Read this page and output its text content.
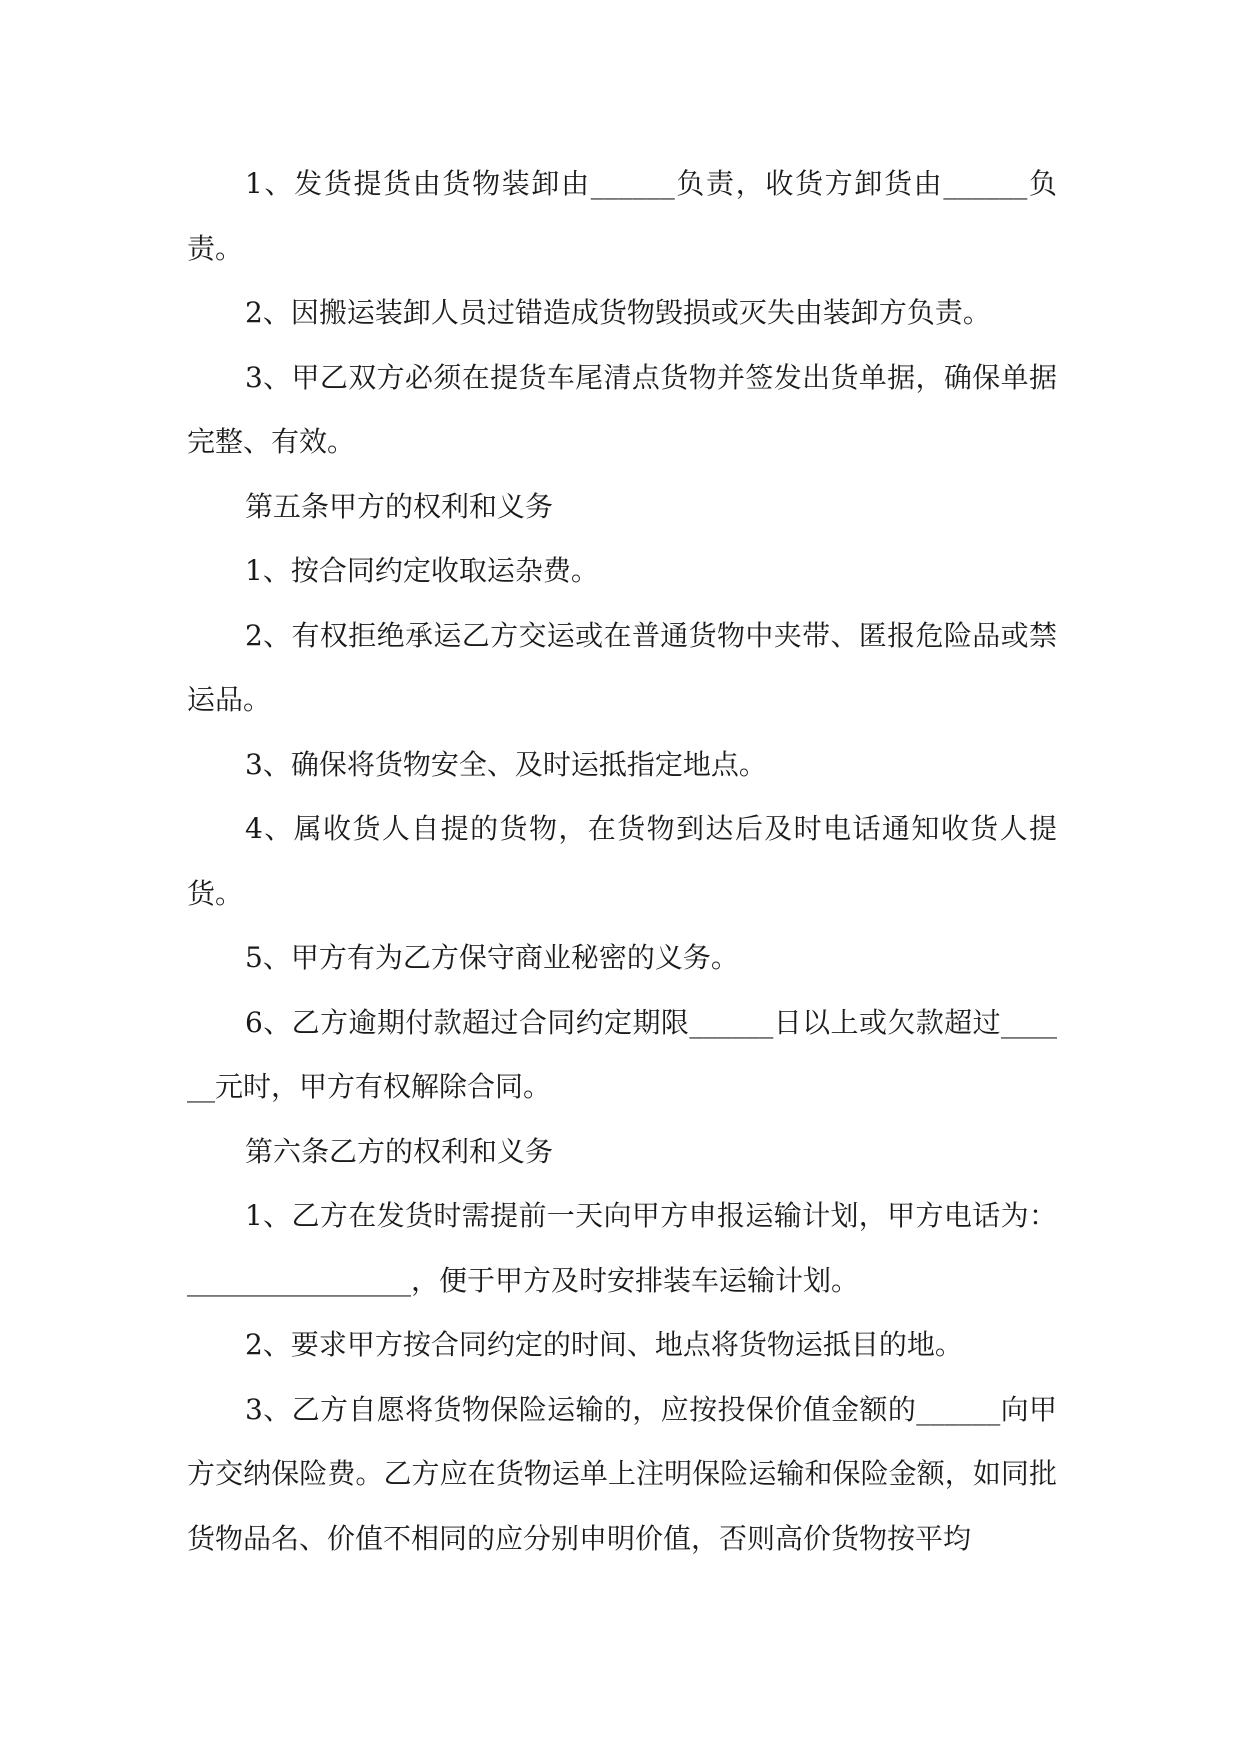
1、发货提货由货物装卸由______负责，收货方卸货由______负责。

2、因搬运装卸人员过错造成货物毁损或灭失由装卸方负责。

3、甲乙双方必须在提货车尾清点货物并签发出货单据，确保单据完整、有效。

第五条甲方的权利和义务

1、按合同约定收取运杂费。

2、有权拒绝承运乙方交运或在普通货物中夹带、匿报危险品或禁运品。

3、确保将货物安全、及时运抵指定地点。

4、属收货人自提的货物，在货物到达后及时电话通知收货人提货。

5、甲方有为乙方保守商业秘密的义务。

6、乙方逾期付款超过合同约定期限______日以上或欠款超过______元时，甲方有权解除合同。

第六条乙方的权利和义务

1、乙方在发货时需提前一天向甲方申报运输计划，甲方电话为：________________，便于甲方及时安排装车运输计划。

2、要求甲方按合同约定的时间、地点将货物运抵目的地。

3、乙方自愿将货物保险运输的，应按投保价值金额的______向甲方交纳保险费。乙方应在货物运单上注明保险运输和保险金额，如同批货物品名、价值不相同的应分别申明价值，否则高价货物按平均
